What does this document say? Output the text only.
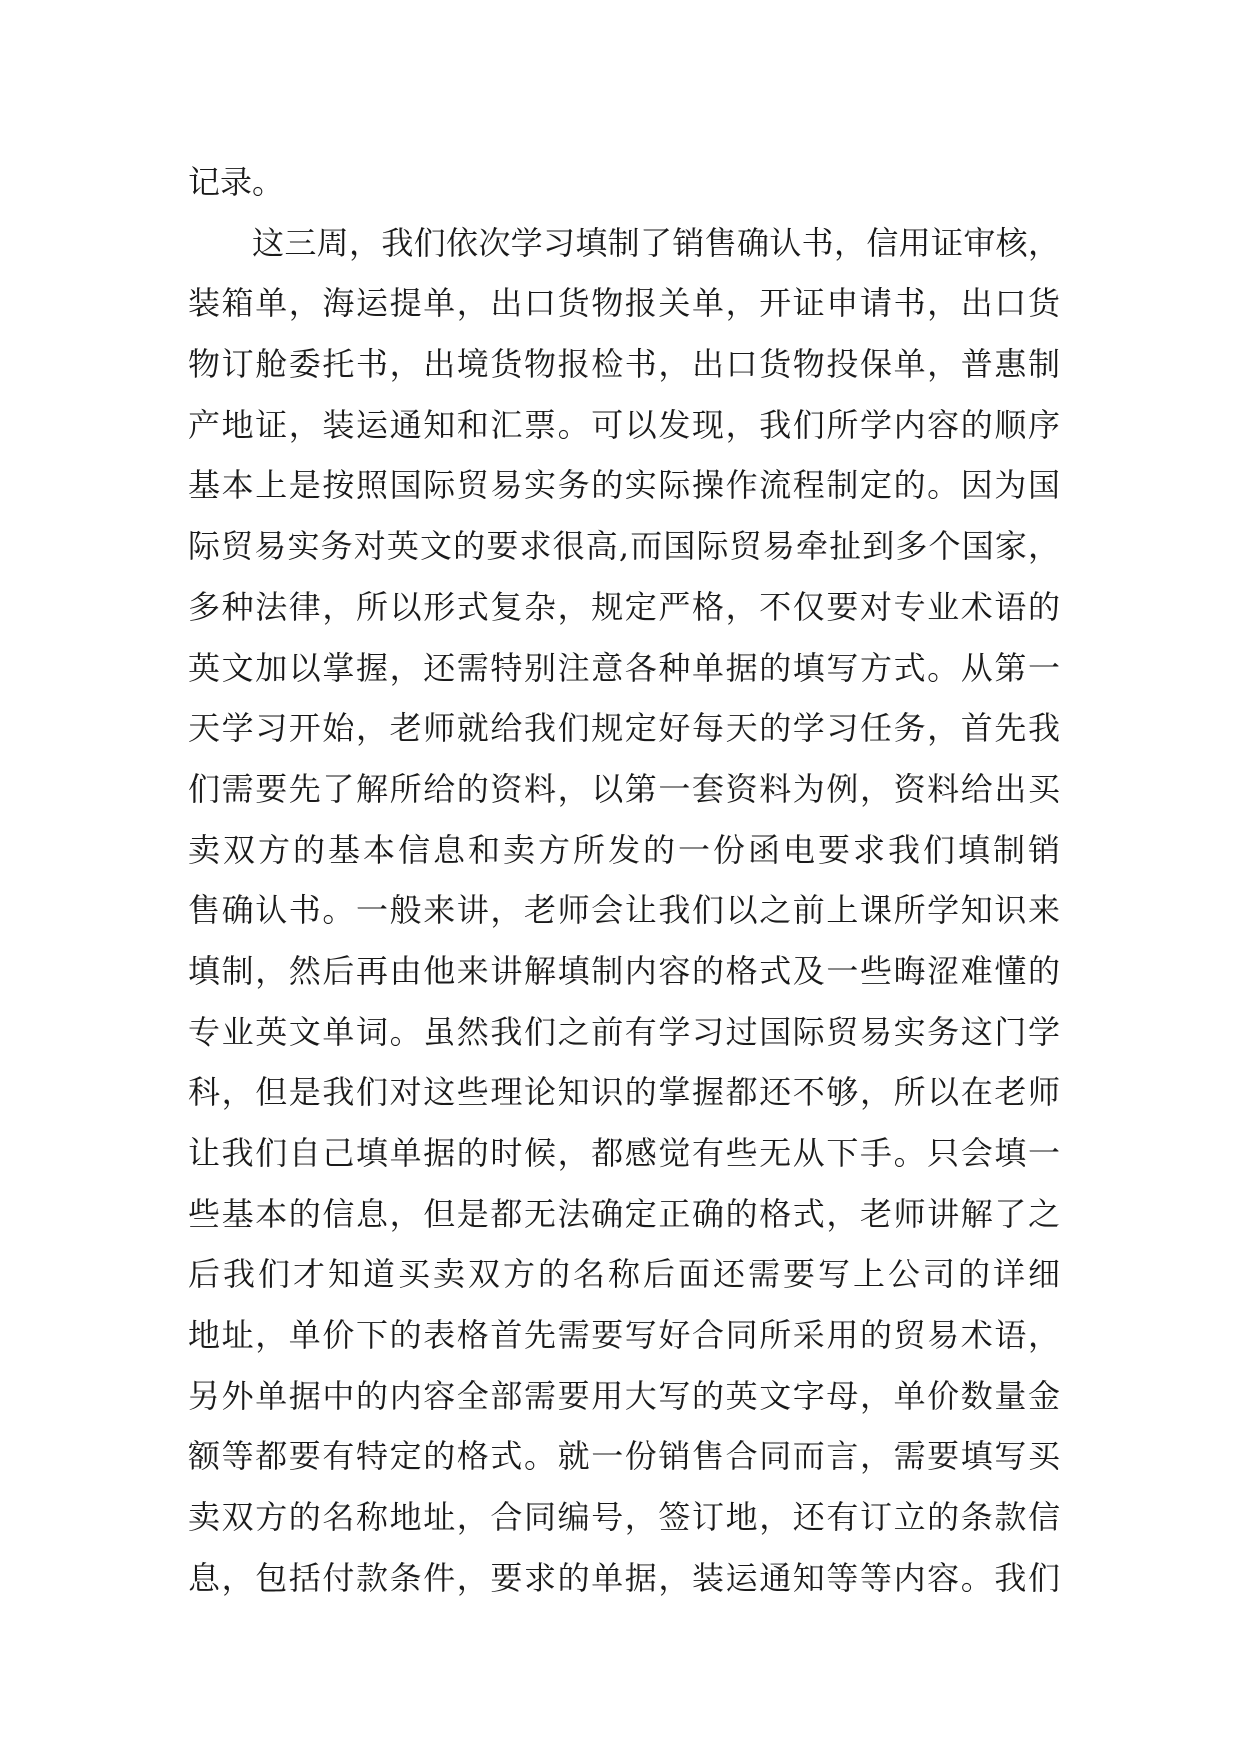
记录。
这三周，我们依次学习填制了销售确认书，信用证审核，
装箱单，海运提单，出口货物报关单，开证申请书，出口货
物订舱委托书，出境货物报检书，出口货物投保单，普惠制
产地证，装运通知和汇票。可以发现，我们所学内容的顺序
基本上是按照国际贸易实务的实际操作流程制定的。因为国
际贸易实务对英文的要求很高,而国际贸易牵扯到多个国家，
多种法律，所以形式复杂，规定严格，不仅要对专业术语的
英文加以掌握，还需特别注意各种单据的填写方式。从第一
天学习开始，老师就给我们规定好每天的学习任务，首先我
们需要先了解所给的资料，以第一套资料为例，资料给出买
卖双方的基本信息和卖方所发的一份函电要求我们填制销
售确认书。一般来讲，老师会让我们以之前上课所学知识来
填制，然后再由他来讲解填制内容的格式及一些晦涩难懂的
专业英文单词。虽然我们之前有学习过国际贸易实务这门学
科，但是我们对这些理论知识的掌握都还不够，所以在老师
让我们自己填单据的时候，都感觉有些无从下手。只会填一
些基本的信息，但是都无法确定正确的格式，老师讲解了之
后我们才知道买卖双方的名称后面还需要写上公司的详细
地址，单价下的表格首先需要写好合同所采用的贸易术语，
另外单据中的内容全部需要用大写的英文字母，单价数量金
额等都要有特定的格式。就一份销售合同而言，需要填写买
卖双方的名称地址，合同编号，签订地，还有订立的条款信
息，包括付款条件，要求的单据，装运通知等等内容。我们
